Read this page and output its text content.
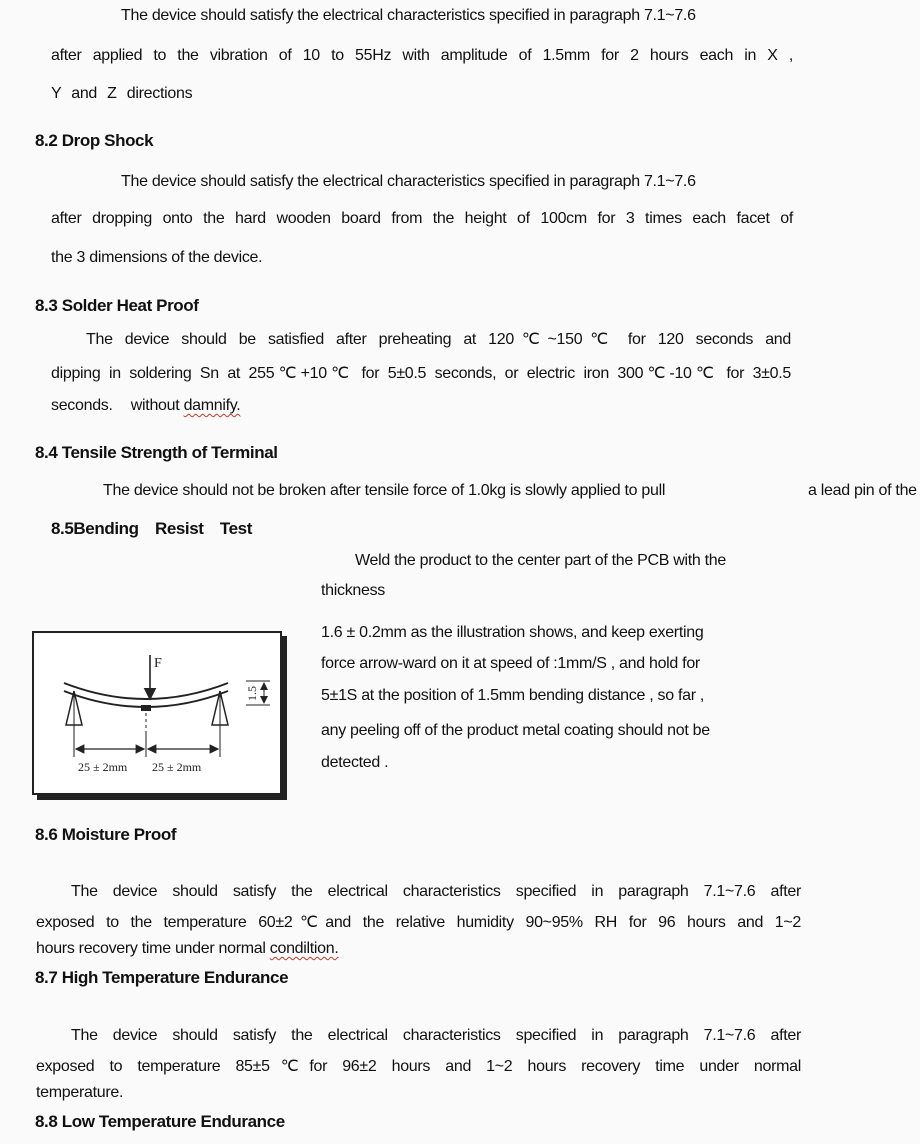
The device should satisfy the electrical characteristics specified in paragraph 7.1~7.6
after applied to the vibration of 10 to 55Hz with amplitude of 1.5mm for 2 hours each in X ,
Y and Z directions
8.2 Drop Shock
The device should satisfy the electrical characteristics specified in paragraph 7.1~7.6
after dropping onto the hard wooden board from the height of 100cm for 3 times each facet of
the 3 dimensions of the device.
8.3 Solder Heat Proof
The device should be satisfied after preheating at 120℃~150℃ for 120 seconds and
dipping in soldering Sn at 255℃+10℃ for 5±0.5 seconds, or electric iron 300℃-10℃ for 3±0.5
seconds. without damnify.
8.4 Tensile Strength of Terminal
The device should not be broken after tensile force of 1.0kg is slowly applied to pull	a lead pin of the
8.5Bending Resist Test
Weld the product to the center part of the PCB with the
thickness
1.6 ± 0.2mm as the illustration shows, and keep exerting
force arrow-ward on it at speed of :1mm/S , and hold for
5±1S at the position of 1.5mm bending distance , so far ,
any peeling off of the product metal coating should not be
detected .
F
1.5
25 ± 2mm 25 ± 2mm
8.6 Moisture Proof
The device should satisfy the electrical characteristics specified in paragraph 7.1~7.6 after
exposed to the temperature 60±2℃and the relative humidity 90~95% RH for 96 hours and 1~2
hours recovery time under normal condiltion.
8.7 High Temperature Endurance
The device should satisfy the electrical characteristics specified in paragraph 7.1~7.6 after
exposed to temperature 85±5℃for 96±2 hours and 1~2 hours recovery time under normal
temperature.
8.8 Low Temperature Endurance
